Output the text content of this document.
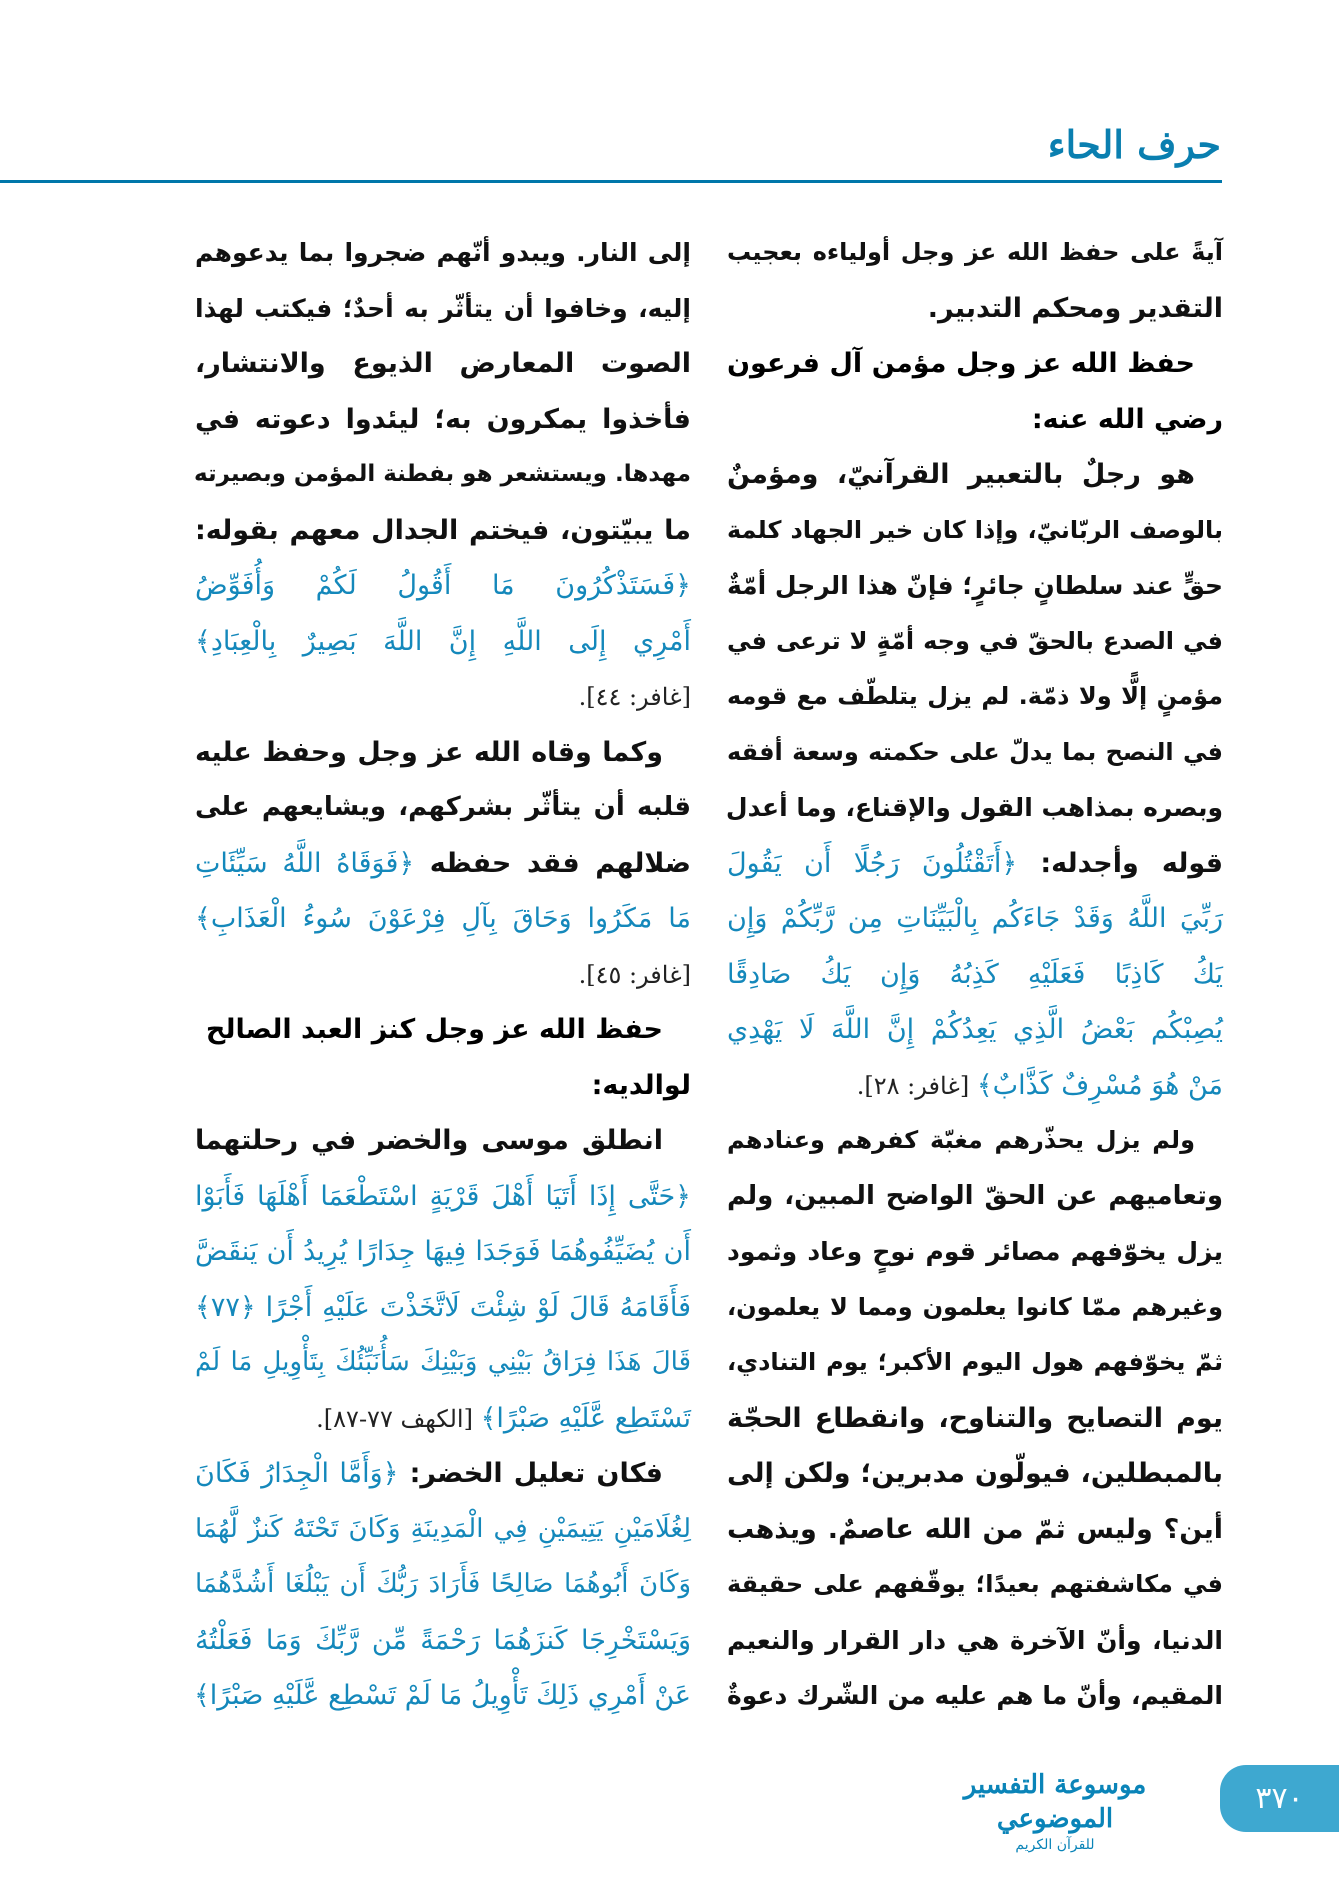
حرف الحاء
آيةً على حفظ الله عز وجل أولياءه بعجيب
التقدير ومحكم التدبير.
حفظ الله عز وجل مؤمن آل فرعون
رضي الله عنه:
هو رجلٌ بالتعبير القرآنيّ، ومؤمنٌ
بالوصف الربّانيّ، وإذا كان خير الجهاد كلمة
حقٍّ عند سلطانٍ جائرٍ؛ فإنّ هذا الرجل أمّةٌ
في الصدع بالحقّ في وجه أمّةٍ لا ترعى في
مؤمنٍ إلًّا ولا ذمّة. لم يزل يتلطّف مع قومه
في النصح بما يدلّ على حكمته وسعة أفقه
وبصره بمذاهب القول والإقناع، وما أعدل
قوله وأجدله: ﴿أَتَقْتُلُونَ رَجُلًا أَن يَقُولَ
رَبِّيَ اللَّهُ وَقَدْ جَاءَكُم بِالْبَيِّنَاتِ مِن رَّبِّكُمْ وَإِن
يَكُ كَاذِبًا فَعَلَيْهِ كَذِبُهُ وَإِن يَكُ صَادِقًا
يُصِبْكُم بَعْضُ الَّذِي يَعِدُكُمْ إِنَّ اللَّهَ لَا يَهْدِي
مَنْ هُوَ مُسْرِفٌ كَذَّابٌ﴾ [غافر: ٢٨].
ولم يزل يحذّرهم مغبّة كفرهم وعنادهم
وتعاميهم عن الحقّ الواضح المبين، ولم
يزل يخوّفهم مصائر قوم نوحٍ وعاد وثمود
وغيرهم ممّا كانوا يعلمون ومما لا يعلمون،
ثمّ يخوّفهم هول اليوم الأكبر؛ يوم التنادي،
يوم التصايح والتناوح، وانقطاع الحجّة
بالمبطلين، فيولّون مدبرين؛ ولكن إلى
أين؟ وليس ثمّ من الله عاصمٌ. ويذهب
في مكاشفتهم بعيدًا؛ يوقّفهم على حقيقة
الدنيا، وأنّ الآخرة هي دار القرار والنعيم
المقيم، وأنّ ما هم عليه من الشّرك دعوةٌ
إلى النار. ويبدو أنّهم ضجروا بما يدعوهم
إليه، وخافوا أن يتأثّر به أحدٌ؛ فيكتب لهذا
الصوت المعارض الذيوع والانتشار،
فأخذوا يمكرون به؛ ليئدوا دعوته في
مهدها. ويستشعر هو بفطنة المؤمن وبصيرته
ما يبيّتون، فيختم الجدال معهم بقوله:
﴿فَسَتَذْكُرُونَ مَا أَقُولُ لَكُمْ وَأُفَوِّضُ
أَمْرِي إِلَى اللَّهِ إِنَّ اللَّهَ بَصِيرٌ بِالْعِبَادِ﴾
[غافر: ٤٤].
وكما وقاه الله عز وجل وحفظ عليه
قلبه أن يتأثّر بشركهم، ويشايعهم على
ضلالهم فقد حفظه ﴿فَوَقَاهُ اللَّهُ سَيِّئَاتِ
مَا مَكَرُوا وَحَاقَ بِآلِ فِرْعَوْنَ سُوءُ الْعَذَابِ﴾
[غافر: ٤٥].
حفظ الله عز وجل كنز العبد الصالح
لوالديه:
انطلق موسى والخضر في رحلتهما
﴿حَتَّى إِذَا أَتَيَا أَهْلَ قَرْيَةٍ اسْتَطْعَمَا أَهْلَهَا فَأَبَوْا
أَن يُضَيِّفُوهُمَا فَوَجَدَا فِيهَا جِدَارًا يُرِيدُ أَن يَنقَضَّ
فَأَقَامَهُ قَالَ لَوْ شِئْتَ لَاتَّخَذْتَ عَلَيْهِ أَجْرًا ﴿٧٧﴾
قَالَ هَذَا فِرَاقُ بَيْنِي وَبَيْنِكَ سَأُنَبِّئُكَ بِتَأْوِيلِ مَا لَمْ
تَسْتَطِع عَّلَيْهِ صَبْرًا﴾ [الكهف ٧٧-٨٧].
فكان تعليل الخضر: ﴿وَأَمَّا الْجِدَارُ فَكَانَ
لِغُلَامَيْنِ يَتِيمَيْنِ فِي الْمَدِينَةِ وَكَانَ تَحْتَهُ كَنزٌ لَّهُمَا
وَكَانَ أَبُوهُمَا صَالِحًا فَأَرَادَ رَبُّكَ أَن يَبْلُغَا أَشُدَّهُمَا
وَيَسْتَخْرِجَا كَنزَهُمَا رَحْمَةً مِّن رَّبِّكَ وَمَا فَعَلْتُهُ
عَنْ أَمْرِي ذَلِكَ تَأْوِيلُ مَا لَمْ تَسْطِع عَّلَيْهِ صَبْرًا﴾
موسوعة التفسير الموضوعي
للقرآن الكريم
٣٧٠
